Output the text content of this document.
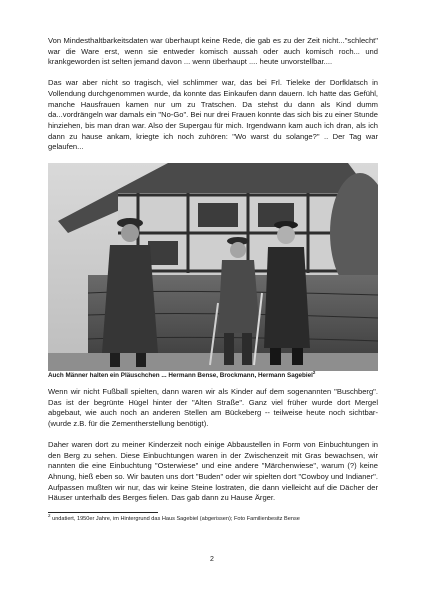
Von Mindesthaltbarkeitsdaten war überhaupt keine Rede, die gab es zu der Zeit nicht..."schlecht" war die Ware erst, wenn sie entweder komisch aussah oder auch komisch roch... und krankgeworden ist selten jemand davon ... wenn überhaupt .... heute unvorstellbar....

Das war aber nicht so tragisch, viel schlimmer war, das bei Frl. Tieleke der Dorfklatsch in Vollendung durchgenommen wurde, da konnte das Einkaufen dann dauern. Ich hatte das Gefühl, manche Hausfrauen kamen nur um zu Tratschen. Da stehst du dann als Kind dumm da...vordrängeln war damals ein "No-Go". Bei nur drei Frauen konnte das sich bis zu einer Stunde hinziehen, bis man dran war. Also der Supergau für mich. Irgendwann kam auch ich dran, als ich dann zu hause ankam, kriegte ich noch zuhören: "Wo warst du solange?" .. Der Tag war gelaufen...

Auch Männer halten ein Pläuschchen ... Hermann Bense, Brockmann, Hermann Sagebiel$^2$

Wenn wir nicht Fußball spielten, dann waren wir als Kinder auf dem sogenannten "Buschberg". Das ist der begrünte Hügel hinter der "Alten Straße". Ganz viel früher wurde dort Mergel abgebaut, wie auch noch an anderen Stellen am Bückeberg -- teilweise heute noch sichtbar- (wurde z.B. für die Zementherstellung benötigt).

Daher waren dort zu meiner Kinderzeit noch einige Abbaustellen in Form von Einbuchtungen in den Berg zu sehen. Diese Einbuchtungen waren in der Zwischenzeit mit Gras bewachsen, wir nannten die eine Einbuchtung "Osterwiese" und eine andere "Märchenwiese", warum (?) keine Ahnung, hieß eben so. Wir bauten uns dort "Buden" oder wir spielten dort "Cowboy und Indianer". Aufpassen mußten wir nur, das wir keine Steine lostraten, die dann vielleicht auf die Dächer der Häuser unterhalb des Berges fielen. Das gab dann zu Hause Ärger.

$^2$ undatiert, 1950er Jahre, im Hintergrund das Haus Sagebiel (abgerissen); Foto Familienbesitz Bense

2
